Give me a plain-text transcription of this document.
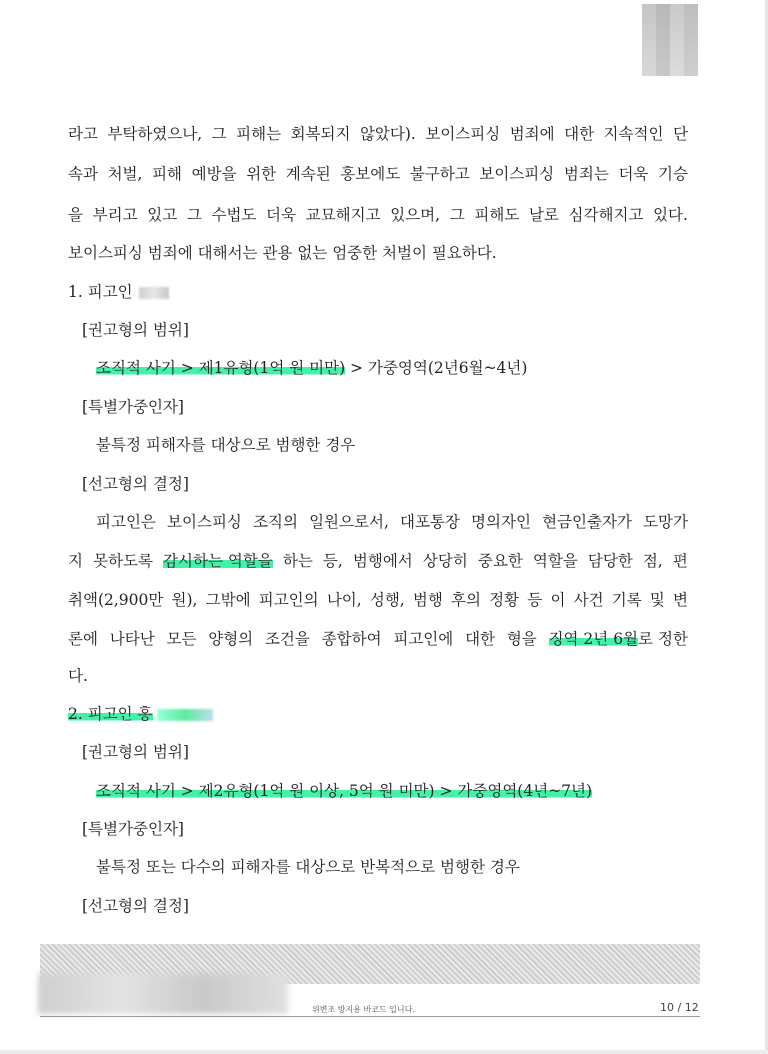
라고 부탁하였으나, 그 피해는 회복되지 않았다). 보이스피싱 범죄에 대한 지속적인 단
속과 처벌, 피해 예방을 위한 계속된 홍보에도 불구하고 보이스피싱 범죄는 더욱 기승
을 부리고 있고 그 수법도 더욱 교묘해지고 있으며, 그 피해도 날로 심각해지고 있다.
보이스피싱 범죄에 대해서는 관용 없는 엄중한 처벌이 필요하다.
1. 피고인
[권고형의 범위]
조직적 사기 > 제1유형(1억 원 미만) > 가중영역(2년6월~4년)
[특별가중인자]
불특정 피해자를 대상으로 범행한 경우
[선고형의 결정]
피고인은 보이스피싱 조직의 일원으로서, 대포통장 명의자인 현금인출자가 도망가
지 못하도록 감시하는 역할을 하는 등, 범행에서 상당히 중요한 역할을 담당한 점, 편
취액(2,900만 원), 그밖에 피고인의 나이, 성행, 범행 후의 정황 등 이 사건 기록 및 변
론에 나타난 모든 양형의 조건을 종합하여 피고인에 대한 형을 징역 2년 6월로 정한
다.
2. 피고인 홍
[권고형의 범위]
조직적 사기 > 제2유형(1억 원 이상, 5억 원 미만) > 가중영역(4년~7년)
[특별가중인자]
불특정 또는 다수의 피해자를 대상으로 반복적으로 범행한 경우
[선고형의 결정]
위변조 방지용 바코드 입니다.	10 / 12
